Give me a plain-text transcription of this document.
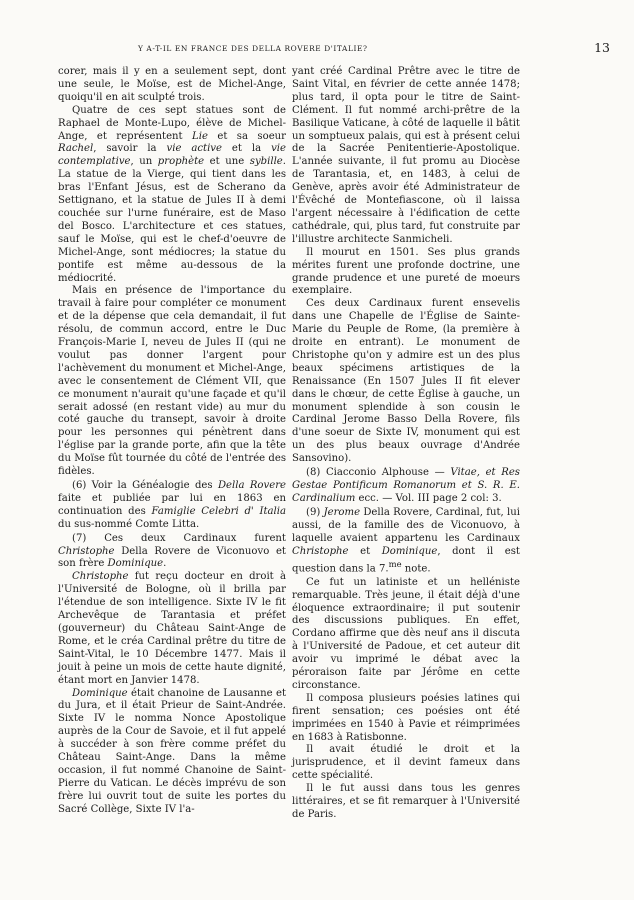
Y A-T-IL EN FRANCE DES DELLA ROVERE D'ITALIE?	13

corer, mais il y en a seulement sept, dont une seule, le Moïse, est de Michel-Ange, quoiqu'il en ait sculpté trois.

Quatre de ces sept statues sont de Raphael de Monte-Lupo, élève de Michel-Ange, et représentent Lie et sa soeur Rachel, savoir la vie active et la vie contemplative, un prophète et une sybille. La statue de la Vierge, qui tient dans les bras l'Enfant Jésus, est de Scherano da Settignano, et la statue de Jules II à demi couchée sur l'urne funéraire, est de Maso del Bosco. L'architecture et ces statues, sauf le Moïse, qui est le chef-d'oeuvre de Michel-Ange, sont médiocres; la statue du pontife est même au-dessous de la médiocrité.

Mais en présence de l'importance du travail à faire pour compléter ce monument et de la dépense que cela demandait, il fut résolu, de commun accord, entre le Duc François-Marie I, neveu de Jules II (qui ne voulut pas donner l'argent pour l'achèvement du monument et Michel-Ange, avec le consentement de Clément VII, que ce monument n'aurait qu'une façade et qu'il serait adossé (en restant vide) au mur du coté gauche du transept, savoir à droite pour les personnes qui pénètrent dans l'église par la grande porte, afin que la tête du Moïse fût tournée du côté de l'entrée des fidèles.

(6) Voir la Généalogie des Della Rovere faite et publiée par lui en 1863 en continuation des Famiglie Celebri d' Italia du sus-nommé Comte Litta.

(7) Ces deux Cardinaux furent Christophe Della Rovere de Viconuovo et son frère Dominique.

Christophe fut reçu docteur en droit à l'Université de Bologne, où il brilla par l'étendue de son intelligence. Sixte IV le fit Archevêque de Tarantasia et préfet (gouverneur) du Château Saint-Ange de Rome, et le créa Cardinal prêtre du titre de Saint-Vital, le 10 Décembre 1477. Mais il jouit à peine un mois de cette haute dignité, étant mort en Janvier 1478.

Dominique était chanoine de Lausanne et du Jura, et il était Prieur de Saint-Andrée. Sixte IV le nomma Nonce Apostolique auprès de la Cour de Savoie, et il fut appelé à succéder à son frère comme préfet du Château Saint-Ange. Dans la même occasion, il fut nommé Chanoine de Saint-Pierre du Vatican. Le décès imprévu de son frère lui ouvrit tout de suite les portes du Sacré Collège, Sixte IV l'a-

yant créé Cardinal Prêtre avec le titre de Saint Vital, en février de cette année 1478; plus tard, il opta pour le titre de Saint-Clément. Il fut nommé archi-prêtre de la Basilique Vaticane, à côté de laquelle il bâtit un somptueux palais, qui est à présent celui de la Sacrée Penitentierie-Apostolique. L'année suivante, il fut promu au Diocèse de Tarantasia, et, en 1483, à celui de Genève, après avoir été Administrateur de l'Évêché de Montefiascone, où il laissa l'argent nécessaire à l'édification de cette cathédrale, qui, plus tard, fut construite par l'illustre architecte Sanmicheli.

Il mourut en 1501. Ses plus grands mérites furent une profonde doctrine, une grande prudence et une pureté de moeurs exemplaire.

Ces deux Cardinaux furent ensevelis dans une Chapelle de l'Église de Sainte-Marie du Peuple de Rome, (la première à droite en entrant). Le monument de Christophe qu'on y admire est un des plus beaux spécimens artistiques de la Renaissance (En 1507 Jules II fit elever dans le chœur, de cette Église à gauche, un monument splendide à son cousin le Cardinal Jerome Basso Della Rovere, fils d'une soeur de Sixte IV, monument qui est un des plus beaux ouvrage d'Andrée Sansovino).

(8) Ciacconio Alphouse — Vitae, et Res Gestae Pontificum Romanorum et S. R. E. Cardinalium ecc. — Vol. III page 2 col: 3.

(9) Jerome Della Rovere, Cardinal, fut, lui aussi, de la famille des de Viconuovo, à laquelle avaient appartenu les Cardinaux Christophe et Dominique, dont il est question dans la 7.$^{me}$ note.

Ce fut un latiniste et un helléniste remarquable. Très jeune, il était déjà d'une éloquence extraordinaire; il put soutenir des discussions publiques. En effet, Cordano affirme que dès neuf ans il discuta à l'Université de Padoue, et cet auteur dit avoir vu imprimé le débat avec la péroraison faite par Jérôme en cette circonstance.

Il composa plusieurs poésies latines qui firent sensation; ces poésies ont été imprimées en 1540 à Pavie et réimprimées en 1683 à Ratisbonne.

Il avait étudié le droit et la jurisprudence, et il devint fameux dans cette spécialité.

Il le fut aussi dans tous les genres littéraires, et se fit remarquer à l'Université de Paris.
